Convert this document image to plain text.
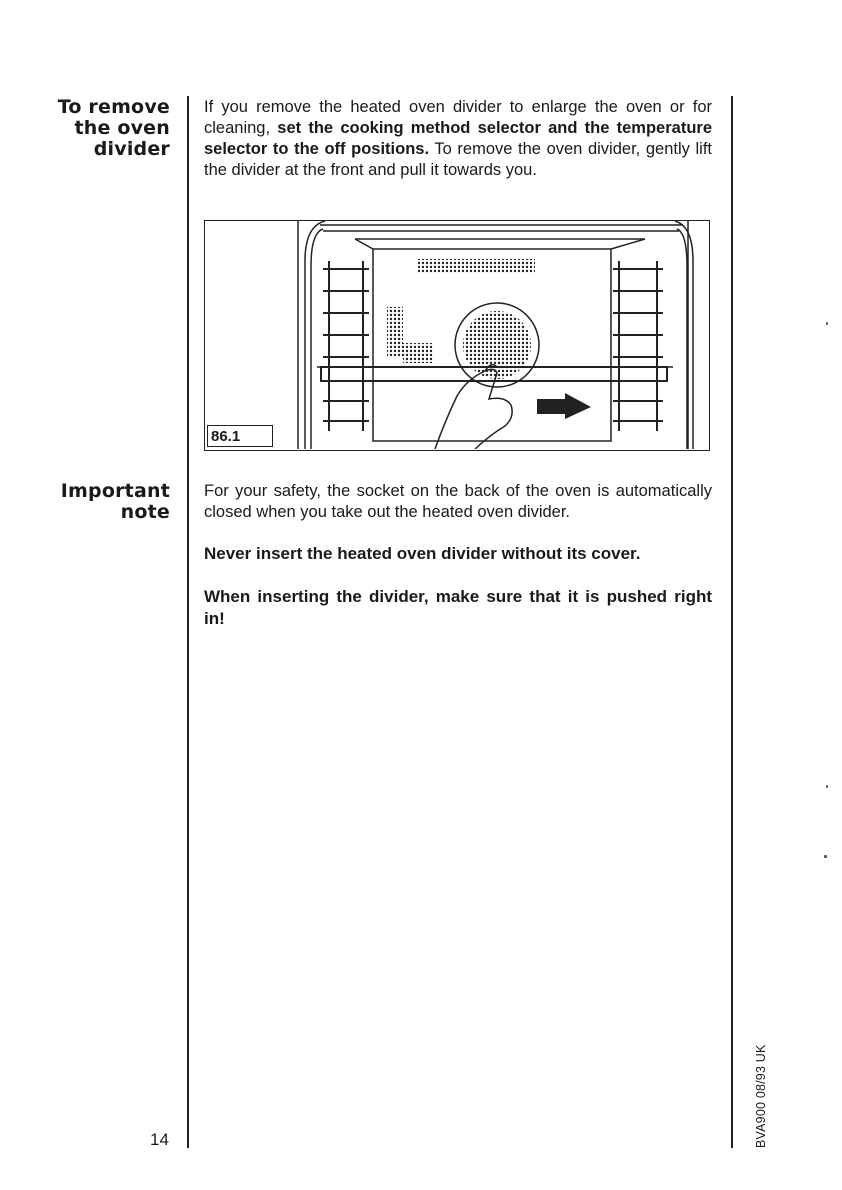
To remove
the oven
divider
If you remove the heated oven divider to enlarge the oven or for cleaning, set the cooking method selector and the temperature selector to the off positions. To remove the oven divider, gently lift the divider at the front and pull it towards you.
86.1
Important
note
For your safety, the socket on the back of the oven is automatically closed when you take out the heated oven divider.
Never insert the heated oven divider without its cover.
When inserting the divider, make sure that it is pushed right in!
14	BVA900 08/93 UK
